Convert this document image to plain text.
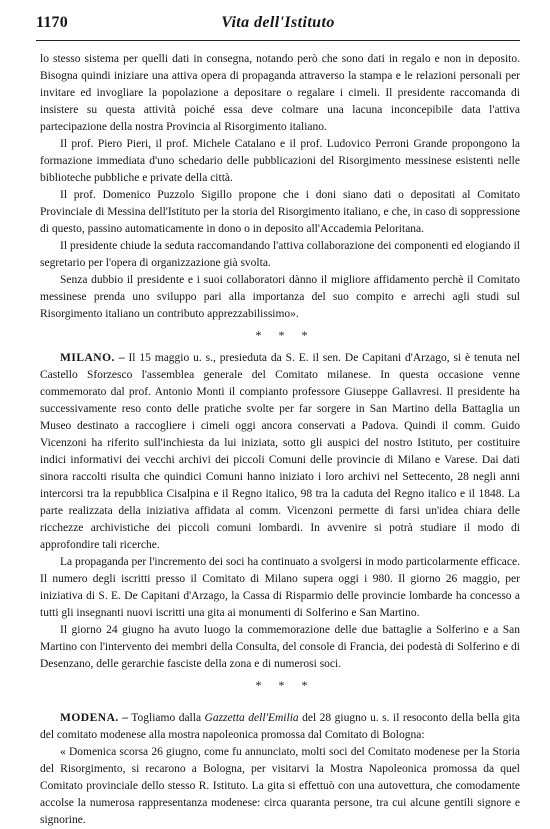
1170	Vita dell'Istituto

lo stesso sistema per quelli dati in consegna, notando però che sono dati in regalo e non in deposito. Bisogna quindi iniziare una attiva opera di propaganda attraverso la stampa e le relazioni personali per invitare ed invogliare la popolazione a depositare o regalare i cimeli. Il presidente raccomanda di insistere su questa attività poiché essa deve colmare una lacuna inconcepibile data l'attiva partecipazione della nostra Provincia al Risorgimento italiano.

Il prof. Piero Pieri, il prof. Michele Catalano e il prof. Ludovico Perroni Grande propongono la formazione immediata d'uno schedario delle pubblicazioni del Risorgimento messinese esistenti nelle biblioteche pubbliche e private della città.

Il prof. Domenico Puzzolo Sigillo propone che i doni siano dati o depositati al Comitato Provinciale di Messina dell'Istituto per la storia del Risorgimento italiano, e che, in caso di soppressione di questo, passino automaticamente in dono o in deposito all'Accademia Peloritana.

Il presidente chiude la seduta raccomandando l'attiva collaborazione dei componenti ed elogiando il segretario per l'opera di organizzazione già svolta.

Senza dubbio il presidente e i suoi collaboratori dànno il migliore affidamento perchè il Comitato messinese prenda uno sviluppo pari alla importanza del suo compito e arrechi agli studi sul Risorgimento italiano un contributo apprezzabilissimo».

* * *

MILANO. – Il 15 maggio u. s., presieduta da S. E. il sen. De Capitani d'Arzago, si è tenuta nel Castello Sforzesco l'assemblea generale del Comitato milanese. In questa occasione venne commemorato dal prof. Antonio Monti il compianto professore Giuseppe Gallavresi. Il presidente ha successivamente reso conto delle pratiche svolte per far sorgere in San Martino della Battaglia un Museo destinato a raccogliere i cimeli oggi ancora conservati a Padova. Quindi il comm. Guido Vicenzoni ha riferito sull'inchiesta da lui iniziata, sotto gli auspici del nostro Istituto, per costituire indici informativi dei vecchi archivi dei piccoli Comuni delle provincie di Milano e Varese. Dai dati sinora raccolti risulta che quindici Comuni hanno iniziato i loro archivi nel Settecento, 28 negli anni intercorsi tra la repubblica Cisalpina e il Regno italico, 98 tra la caduta del Regno italico e il 1848. La parte realizzata della iniziativa affidata al comm. Vicenzoni permette di farsi un'idea chiara delle ricchezze archivistiche dei piccoli comuni lombardi. In avvenire si potrà studiare il modo di approfondire tali ricerche.

La propaganda per l'incremento dei soci ha continuato a svolgersi in modo particolarmente efficace. Il numero degli iscritti presso il Comitato di Milano supera oggi i 980. Il giorno 26 maggio, per iniziativa di S. E. De Capitani d'Arzago, la Cassa di Risparmio delle provincie lombarde ha concesso a tutti gli insegnanti nuovi iscritti una gita ai monumenti di Solferino e San Martino.

Il giorno 24 giugno ha avuto luogo la commemorazione delle due battaglie a Solferino e a San Martino con l'intervento dei membri della Consulta, del console di Francia, dei podestà di Solferino e di Desenzano, delle gerarchie fasciste della zona e di numerosi soci.

* * *

MODENA. – Togliamo dalla Gazzetta dell'Emilia del 28 giugno u. s. il resoconto della bella gita del comitato modenese alla mostra napoleonica promossa dal Comitato di Bologna:

« Domenica scorsa 26 giugno, come fu annunciato, molti soci del Comitato modenese per la Storia del Risorgimento, si recarono a Bologna, per visitarvi la Mostra Napoleonica promossa da quel Comitato provinciale dello stesso R. Istituto. La gita si effettuò con una autovettura, che comodamente accolse la numerosa rappresentanza modenese: circa quaranta persone, tra cui alcune gentili signore e signorine.
